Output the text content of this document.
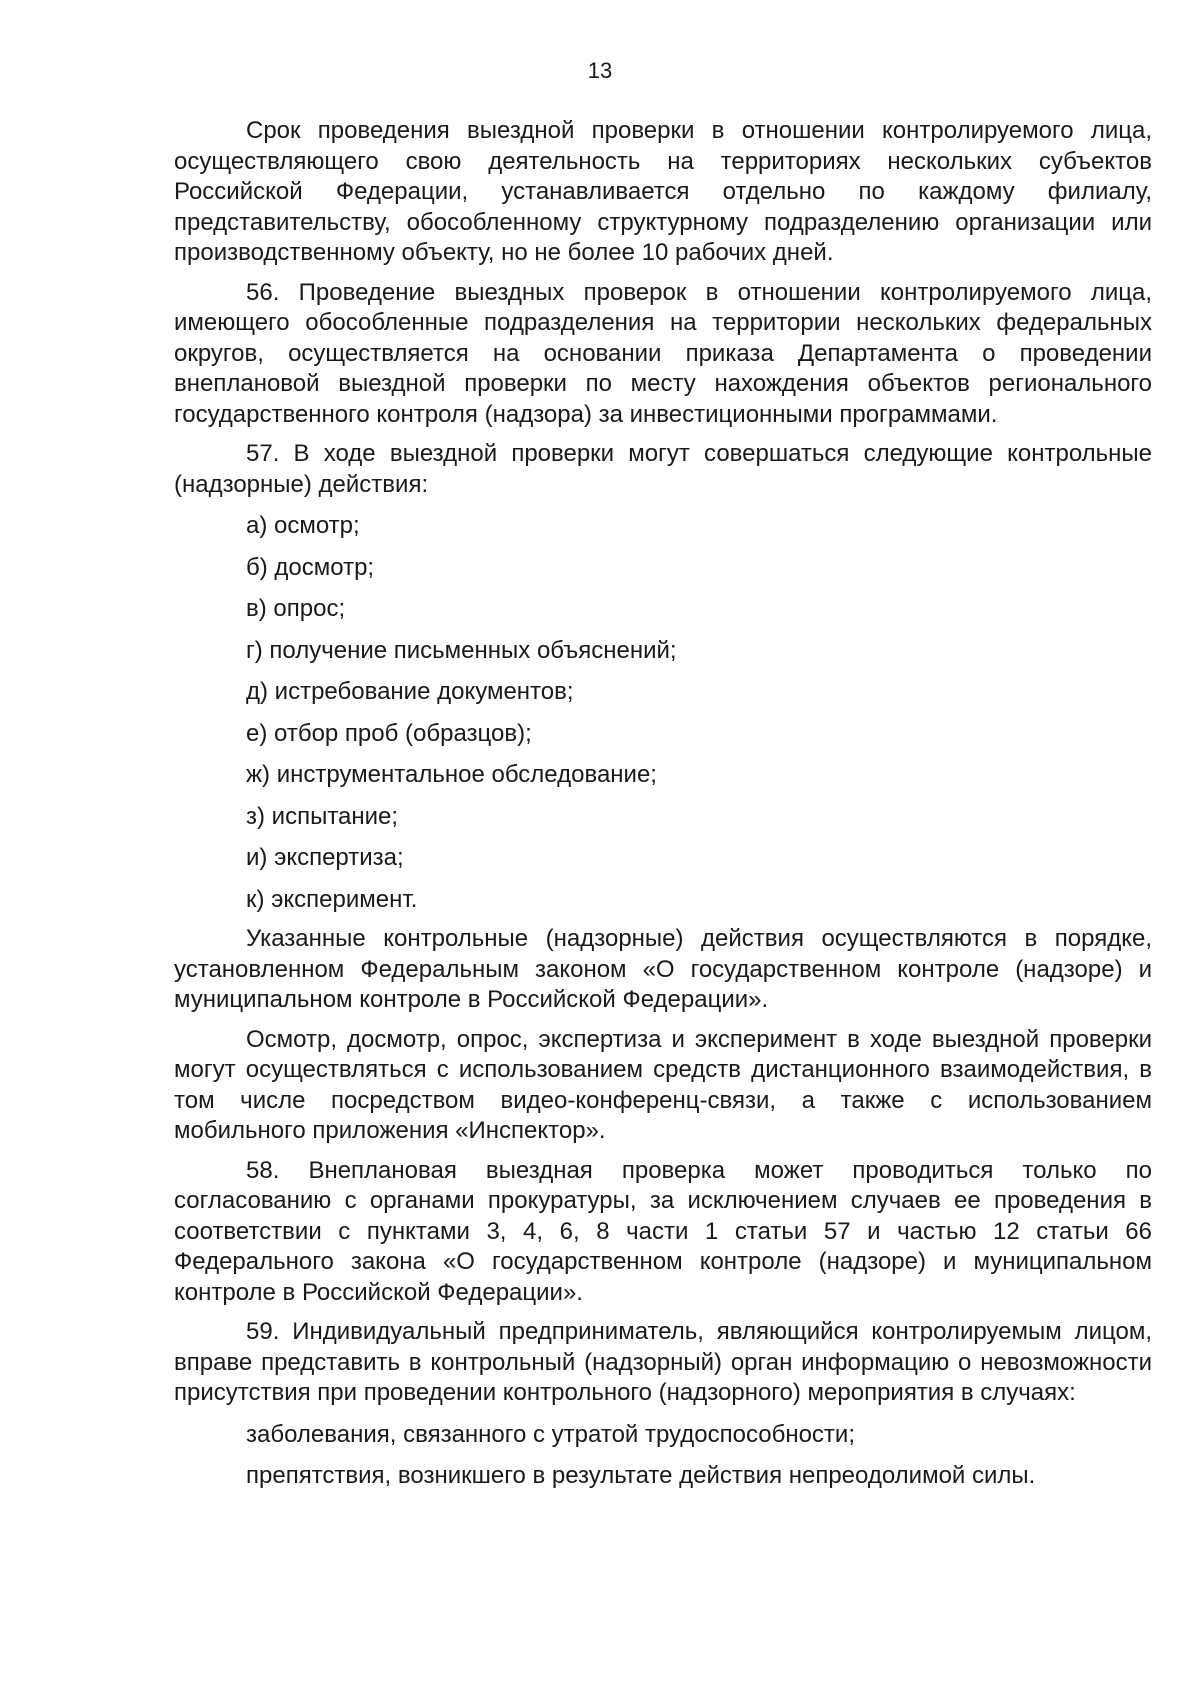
13

Срок проведения выездной проверки в отношении контролируемого лица, осуществляющего свою деятельность на территориях нескольких субъектов Российской Федерации, устанавливается отдельно по каждому филиалу, представительству, обособленному структурному подразделению организации или производственному объекту, но не более 10 рабочих дней.

56. Проведение выездных проверок в отношении контролируемого лица, имеющего обособленные подразделения на территории нескольких федеральных округов, осуществляется на основании приказа Департамента о проведении внеплановой выездной проверки по месту нахождения объектов регионального государственного контроля (надзора) за инвестиционными программами.

57. В ходе выездной проверки могут совершаться следующие контрольные (надзорные) действия:

а) осмотр;

б) досмотр;

в) опрос;

г) получение письменных объяснений;

д) истребование документов;

е) отбор проб (образцов);

ж) инструментальное обследование;

з) испытание;

и) экспертиза;

к) эксперимент.

Указанные контрольные (надзорные) действия осуществляются в порядке, установленном Федеральным законом «О государственном контроле (надзоре) и муниципальном контроле в Российской Федерации».

Осмотр, досмотр, опрос, экспертиза и эксперимент в ходе выездной проверки могут осуществляться с использованием средств дистанционного взаимодействия, в том числе посредством видео-конференц-связи, а также с использованием мобильного приложения «Инспектор».

58. Внеплановая выездная проверка может проводиться только по согласованию с органами прокуратуры, за исключением случаев ее проведения в соответствии с пунктами 3, 4, 6, 8 части 1 статьи 57 и частью 12 статьи 66 Федерального закона «О государственном контроле (надзоре) и муниципальном контроле в Российской Федерации».

59. Индивидуальный предприниматель, являющийся контролируемым лицом, вправе представить в контрольный (надзорный) орган информацию о невозможности присутствия при проведении контрольного (надзорного) мероприятия в случаях:

заболевания, связанного с утратой трудоспособности;

препятствия, возникшего в результате действия непреодолимой силы.
